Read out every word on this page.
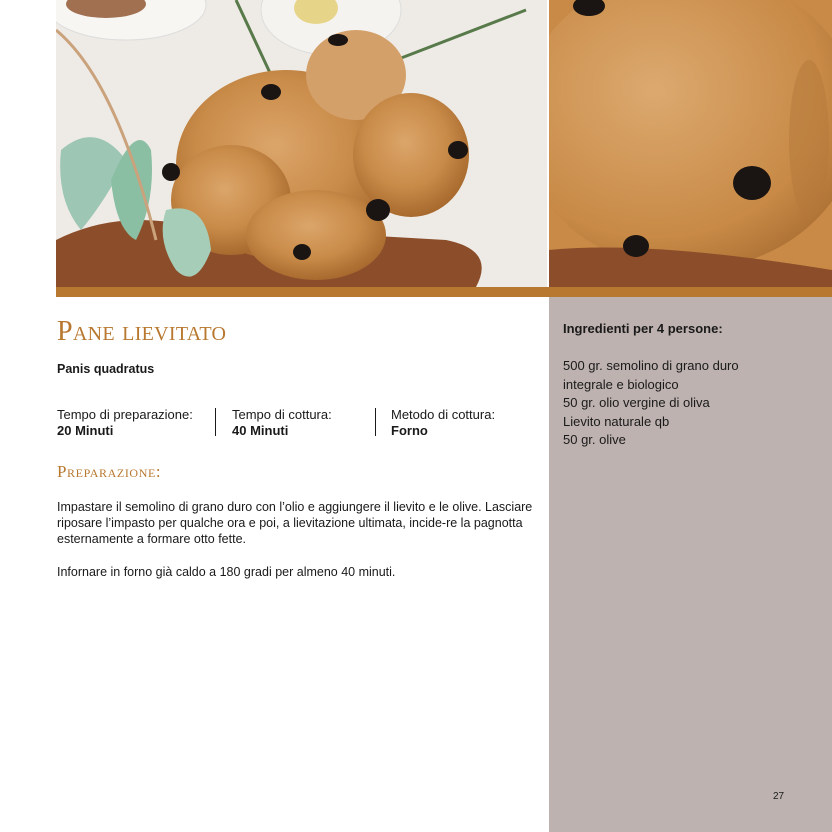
Pane lievitato

Panis quadratus

Tempo di preparazione:
20 Minuti
Tempo di cottura:
40 Minuti
Metodo di cottura:
Forno
Preparazione:

Impastare il semolino di grano duro con l’olio e aggiungere il lievito e le olive. Lasciare riposare l’impasto per qualche ora e poi, a lievitazione ultimata, incide-re la pagnotta esternamente a formare otto fette.

Infornare in forno già caldo a 180 gradi per almeno 40 minuti.

Ingredienti per 4 persone:
500 gr. semolino di grano duro
integrale e biologico
50 gr. olio vergine di oliva
Lievito naturale qb
50 gr. olive
27
